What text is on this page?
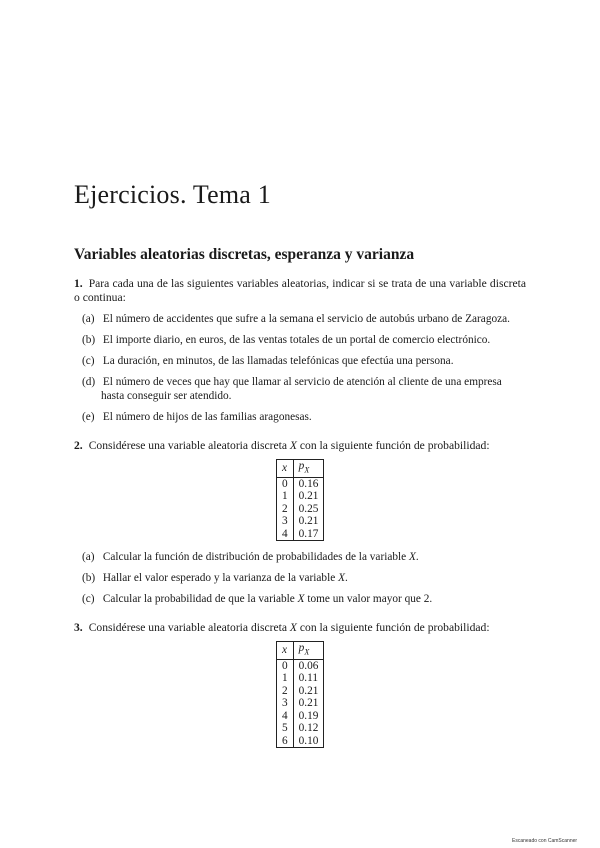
Ejercicios. Tema 1
Variables aleatorias discretas, esperanza y varianza
1. Para cada una de las siguientes variables aleatorias, indicar si se trata de una variable discreta o continua:
(a) El número de accidentes que sufre a la semana el servicio de autobús urbano de Zaragoza.
(b) El importe diario, en euros, de las ventas totales de un portal de comercio electrónico.
(c) La duración, en minutos, de las llamadas telefónicas que efectúa una persona.
(d) El número de veces que hay que llamar al servicio de atención al cliente de una empresa
hasta conseguir ser atendido.
(e) El número de hijos de las familias aragonesas.
2. Considérese una variable aleatoria discreta X con la siguiente función de probabilidad:
x	$p_X$
0	0.16
1	0.21
2	0.25
3	0.21
4	0.17
(a) Calcular la función de distribución de probabilidades de la variable X.
(b) Hallar el valor esperado y la varianza de la variable X.
(c) Calcular la probabilidad de que la variable X tome un valor mayor que 2.
3. Considérese una variable aleatoria discreta X con la siguiente función de probabilidad:
x	$p_X$
0	0.06
1	0.11
2	0.21
3	0.21
4	0.19
5	0.12
6	0.10
Escaneado con CamScanner
